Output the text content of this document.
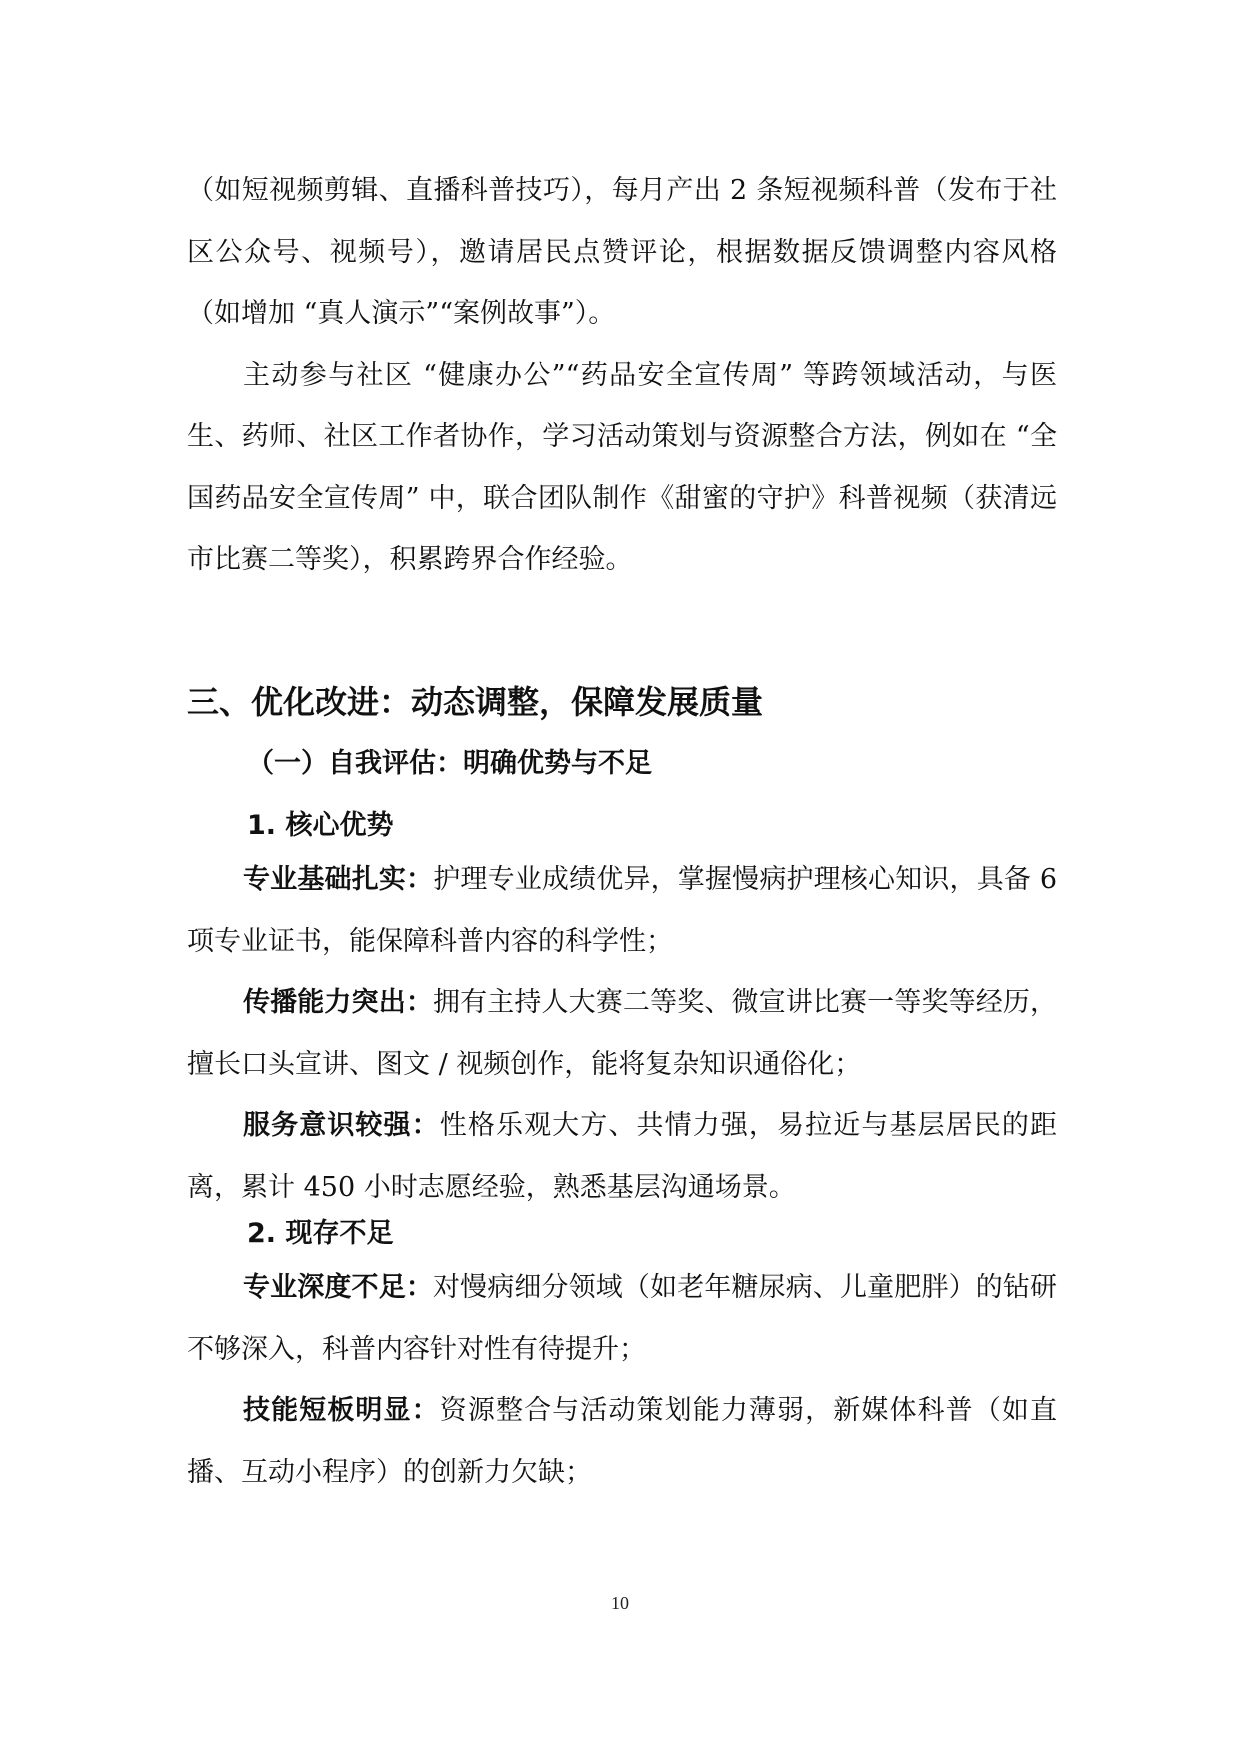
（如短视频剪辑、直播科普技巧），每月产出 2 条短视频科普（发布于社区公众号、视频号），邀请居民点赞评论，根据数据反馈调整内容风格（如增加 “真人演示”“案例故事”）。

主动参与社区 “健康办公”“药品安全宣传周” 等跨领域活动，与医生、药师、社区工作者协作，学习活动策划与资源整合方法，例如在 “全国药品安全宣传周” 中，联合团队制作《甜蜜的守护》科普视频（获清远市比赛二等奖），积累跨界合作经验。

三、优化改进：动态调整，保障发展质量
（一）自我评估：明确优势与不足
1. 核心优势

专业基础扎实：护理专业成绩优异，掌握慢病护理核心知识，具备 6 项专业证书，能保障科普内容的科学性；

传播能力突出：拥有主持人大赛二等奖、微宣讲比赛一等奖等经历，擅长口头宣讲、图文 / 视频创作，能将复杂知识通俗化；

服务意识较强：性格乐观大方、共情力强，易拉近与基层居民的距离，累计 450 小时志愿经验，熟悉基层沟通场景。

2. 现存不足

专业深度不足：对慢病细分领域（如老年糖尿病、儿童肥胖）的钻研不够深入，科普内容针对性有待提升；

技能短板明显：资源整合与活动策划能力薄弱，新媒体科普（如直播、互动小程序）的创新力欠缺；

10
